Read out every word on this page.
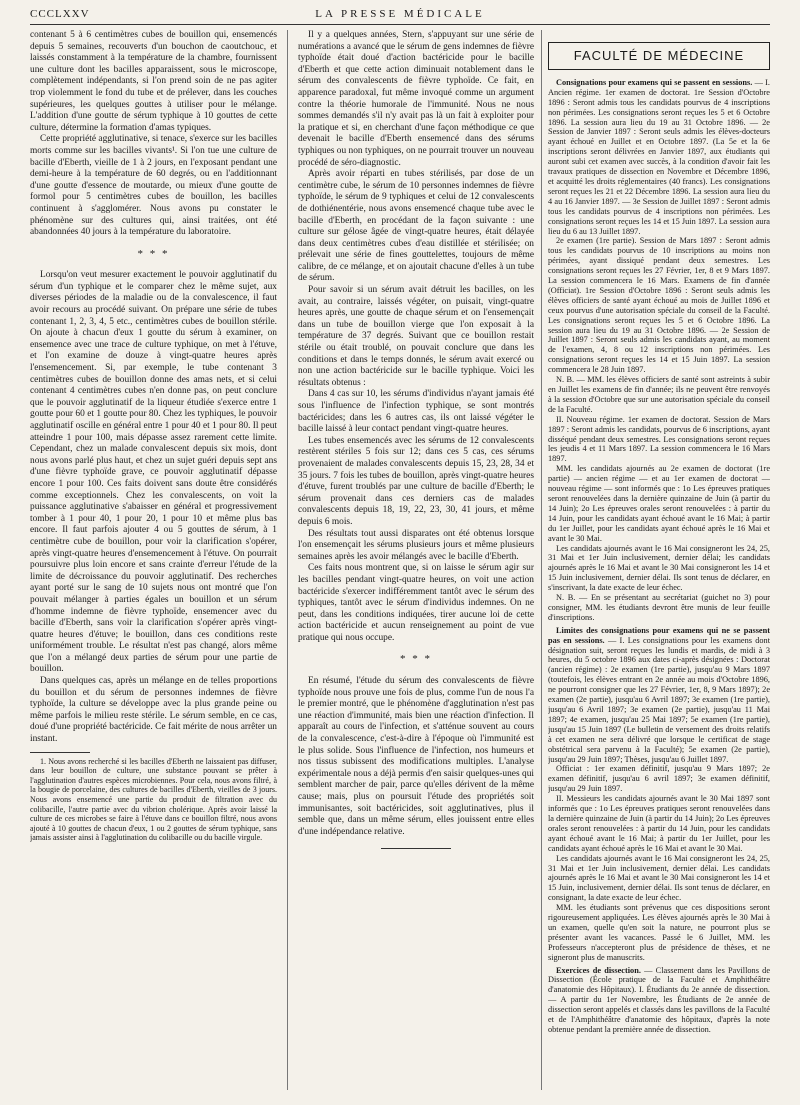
CCCLXXV	LA PRESSE MÉDICALE

contenant 5 à 6 centimètres cubes de bouillon qui, ensemencés depuis 5 semaines, recouverts d'un bouchon de caoutchouc, et laissés constamment à la température de la chambre, fournissent une culture dont les bacilles apparaissent, sous le microscope, complètement indépendants, si l'on prend soin de ne pas agiter trop violemment le fond du tube et de prélever, dans les couches supérieures, les quelques gouttes à utiliser pour le mélange. L'addition d'une goutte de sérum typhique à 10 gouttes de cette culture, détermine la formation d'amas typiques.

Cette propriété agglutinative, si tenace, s'exerce sur les bacilles morts comme sur les bacilles vivants¹. Si l'on tue une culture de bacille d'Eberth, vieille de 1 à 2 jours, en l'exposant pendant une demi-heure à la température de 60 degrés, ou en l'additionnant d'une goutte d'essence de moutarde, ou mieux d'une goutte de formol pour 5 centimètres cubes de bouillon, les bacilles continuent à s'agglomérer. Nous avons pu constater le phénomène sur des cultures qui, ainsi traitées, ont été abandonnées 40 jours à la température du laboratoire.

* * *

Lorsqu'on veut mesurer exactement le pouvoir agglutinatif du sérum d'un typhique et le comparer chez le même sujet, aux diverses périodes de la maladie ou de la convalescence, il faut avoir recours au procédé suivant. On prépare une série de tubes contenant 1, 2, 3, 4, 5 etc., centimètres cubes de bouillon stérile. On ajoute à chacun d'eux 1 goutte du sérum à examiner, on ensemence avec une trace de culture typhique, on met à l'étuve, et l'on examine de douze à vingt-quatre heures après l'ensemencement. Si, par exemple, le tube contenant 3 centimètres cubes de bouillon donne des amas nets, et si celui contenant 4 centimètres cubes n'en donne pas, on peut conclure que le pouvoir agglutinatif de la liqueur étudiée s'exerce entre 1 goutte pour 60 et 1 goutte pour 80. Chez les typhiques, le pouvoir agglutinatif oscille en général entre 1 pour 40 et 1 pour 80. Il peut atteindre 1 pour 100, mais dépasse assez rarement cette limite. Cependant, chez un malade convalescent depuis six mois, dont nous avons parlé plus haut, et chez un sujet guéri depuis sept ans d'une fièvre typhoïde grave, ce pouvoir agglutinatif dépasse encore 1 pour 100. Ces faits doivent sans doute être considérés comme exceptionnels. Chez les convalescents, on voit la puissance agglutinative s'abaisser en général et progressivement tomber à 1 pour 40, 1 pour 20, 1 pour 10 et même plus bas encore. Il faut parfois ajouter 4 ou 5 gouttes de sérum, à 1 centimètre cube de bouillon, pour voir la clarification s'opérer, après vingt-quatre heures d'ensemencement à l'étuve. On pourrait poursuivre plus loin encore et sans crainte d'erreur l'étude de la limite de décroissance du pouvoir agglutinatif. Des recherches ayant porté sur le sang de 10 sujets nous ont montré que l'on pouvait mélanger à parties égales un bouillon et un sérum d'homme indemne de fièvre typhoïde, ensemencer avec du bacille d'Eberth, sans voir la clarification s'opérer après vingt-quatre heures d'étuve; le bouillon, dans ces conditions reste uniformément trouble. Le résultat n'est pas changé, alors même que l'on a mélangé deux parties de sérum pour une partie de bouillon.

Dans quelques cas, après un mélange en de telles proportions du bouillon et du sérum de personnes indemnes de fièvre typhoïde, la culture se développe avec la plus grande peine ou même parfois le milieu reste stérile. Le sérum semble, en ce cas, doué d'une propriété bactéricide. Ce fait mérite de nous arrêter un instant.

1. Nous avons recherché si les bacilles d'Eberth ne laissaient pas diffuser, dans leur bouillon de culture, une substance pouvant se prêter à l'agglutination d'autres espèces microbiennes. Pour cela, nous avons filtré, à la bougie de porcelaine, des cultures de bacilles d'Eberth, vieilles de 3 jours. Nous avons ensemencé une partie du produit de filtration avec du colibacille, l'autre partie avec du vibrion cholérique. Après avoir laissé la culture de ces microbes se faire à l'étuve dans ce bouillon filtré, nous avons ajouté à 10 gouttes de chacun d'eux, 1 ou 2 gouttes de sérum typhique, sans jamais assister ainsi à l'agglutination du colibacille ou du bacille virgule.

Il y a quelques années, Stern, s'appuyant sur une série de numérations a avancé que le sérum de gens indemnes de fièvre typhoïde était doué d'action bactéricide pour le bacille d'Eberth et que cette action diminuait notablement dans le sérum des convalescents de fièvre typhoïde. Ce fait, en apparence paradoxal, fut même invoqué comme un argument contre la théorie humorale de l'immunité. Nous ne nous sommes demandés s'il n'y avait pas là un fait à exploiter pour la pratique et si, en cherchant d'une façon méthodique ce que devenait le bacille d'Eberth ensemencé dans des sérums typhiques ou non typhiques, on ne pourrait trouver un nouveau procédé de séro-diagnostic.

Après avoir réparti en tubes stérilisés, par dose de un centimètre cube, le sérum de 10 personnes indemnes de fièvre typhoïde, le sérum de 9 typhiques et celui de 12 convalescents de dothiénentérie, nous avons ensemencé chaque tube avec le bacille d'Eberth, en procédant de la façon suivante : une culture sur gélose âgée de vingt-quatre heures, était délayée dans deux centimètres cubes d'eau distillée et stérilisée; on prélevait une série de fines gouttelettes, toujours de même calibre, de ce mélange, et on ajoutait chacune d'elles à un tube de sérum.

Pour savoir si un sérum avait détruit les bacilles, on les avait, au contraire, laissés végéter, on puisait, vingt-quatre heures après, une goutte de chaque sérum et on l'ensemençait dans un tube de bouillon vierge que l'on exposait à la température de 37 degrés. Suivant que ce bouillon restait stérile ou était troublé, on pouvait conclure que dans les conditions et dans le temps donnés, le sérum avait exercé ou non une action bactéricide sur le bacille typhique. Voici les résultats obtenus :

Dans 4 cas sur 10, les sérums d'individus n'ayant jamais été sous l'influence de l'infection typhique, se sont montrés bactéricides; dans les 6 autres cas, ils ont laissé végéter le bacille laissé à leur contact pendant vingt-quatre heures.

Les tubes ensemencés avec les sérums de 12 convalescents restèrent stériles 5 fois sur 12; dans ces 5 cas, ces sérums provenaient de malades convalescents depuis 15, 23, 28, 34 et 35 jours. 7 fois les tubes de bouillon, après vingt-quatre heures d'étuve, furent troublés par une culture de bacille d'Eberth; le sérum provenait dans ces derniers cas de malades convalescents depuis 18, 19, 22, 23, 30, 41 jours, et même depuis 6 mois.

Des résultats tout aussi disparates ont été obtenus lorsque l'on ensemençait les sérums plusieurs jours et même plusieurs semaines après les avoir mélangés avec le bacille d'Eberth.

Ces faits nous montrent que, si on laisse le sérum agir sur les bacilles pendant vingt-quatre heures, on voit une action bactéricide s'exercer indifféremment tantôt avec le sérum des typhiques, tantôt avec le sérum d'individus indemnes. On ne peut, dans les conditions indiquées, tirer aucune loi de cette action bactéricide et aucun renseignement au point de vue pratique qui nous occupe.

* * *

En résumé, l'étude du sérum des convalescents de fièvre typhoïde nous prouve une fois de plus, comme l'un de nous l'a le premier montré, que le phénomène d'agglutination n'est pas une réaction d'immunité, mais bien une réaction d'infection. Il apparaît au cours de l'infection, et s'atténue souvent au cours de la convalescence, c'est-à-dire à l'époque où l'immunité est le plus solide. Sous l'influence de l'infection, nos humeurs et nos tissus subissent des modifications multiples. L'analyse expérimentale nous a déjà permis d'en saisir quelques-unes qui semblent marcher de pair, parce qu'elles dérivent de la même cause; mais, plus on poursuit l'étude des propriétés soit immunisantes, soit bactéricides, soit agglutinatives, plus il semble que, dans un même sérum, elles jouissent entre elles d'une indépendance relative.

FACULTÉ DE MÉDECINE

Consignations pour examens qui se passent en sessions. — I. Ancien régime. 1er examen de doctorat. 1re Session d'Octobre 1896 : Seront admis tous les candidats pourvus de 4 inscriptions non périmées. Les consignations seront reçues les 5 et 6 Octobre 1896. La session aura lieu du 19 au 31 Octobre 1896. — 2e Session de Janvier 1897 : Seront seuls admis les élèves-docteurs ayant échoué en Juillet et en Octobre 1897. (La 5e et la 6e inscriptions seront délivrées en Janvier 1897, aux étudiants qui auront subi cet examen avec succès, à la condition d'avoir fait les travaux pratiques de dissection en Novembre et Décembre 1896, et acquitté les droits réglementaires (40 francs). Les consignations seront reçues les 21 et 22 Décembre 1896. La session aura lieu du 4 au 16 Janvier 1897. — 3e Session de Juillet 1897 : Seront admis tous les candidats pourvus de 4 inscriptions non périmées. Les consignations seront reçues les 14 et 15 Juin 1897. La session aura lieu du 6 au 13 Juillet 1897.

2e examen (1re partie). Session de Mars 1897 : Seront admis tous les candidats pourvus de 10 inscriptions au moins non périmées, ayant dissiqué pendant deux semestres. Les consignations seront reçues les 27 Février, 1er, 8 et 9 Mars 1897. La session commencera le 16 Mars. Examens de fin d'année (Officiat). 1re Session d'Octobre 1896 : Seront seuls admis les élèves officiers de santé ayant échoué au mois de Juillet 1896 et ceux pourvus d'une autorisation spéciale du conseil de la Faculté. Les consignations seront reçues les 5 et 6 Octobre 1896. La session aura lieu du 19 au 31 Octobre 1896. — 2e Session de Juillet 1897 : Seront seuls admis les candidats ayant, au moment de l'examen, 4, 8 ou 12 inscriptions non périmées. Les consignations seront reçues les 14 et 15 Juin 1897. La session commencera le 28 Juin 1897.

N. B. — MM. les élèves officiers de santé sont astreints à subir en Juillet les examens de fin d'année; ils ne peuvent être renvoyés à la session d'Octobre que sur une autorisation spéciale du conseil de la Faculté.

II. Nouveau régime. 1er examen de doctorat. Session de Mars 1897 : Seront admis les candidats, pourvus de 6 inscriptions, ayant disséqué pendant deux semestres. Les consignations seront reçues les jeudis 4 et 11 Mars 1897. La session commencera le 16 Mars 1897.

MM. les candidats ajournés au 2e examen de doctorat (1re partie) — ancien régime — et au 1er examen de doctorat — nouveau régime — sont informés que : 1o Les épreuves pratiques seront renouvelées dans la dernière quinzaine de Juin (à partir du 14 Juin); 2o Les épreuves orales seront renouvelées : à partir du 14 Juin, pour les candidats ayant échoué avant le 16 Mai; à partir du 1er Juillet, pour les candidats ayant échoué après le 16 Mai et avant le 30 Mai.

Les candidats ajournés avant le 16 Mai consigneront les 24, 25, 31 Mai et 1er Juin inclusivement, dernier délai; les candidats ajournés après le 16 Mai et avant le 30 Mai consigneront les 14 et 15 Juin inclusivement, dernier délai. Ils sont tenus de déclarer, en s'inscrivant, la date exacte de leur échec.

N. B. — En se présentant au secrétariat (guichet no 3) pour consigner, MM. les étudiants devront être munis de leur feuille d'inscriptions.

Limites des consignations pour examens qui ne se passent pas en sessions. — I. Les consignations pour les examens dont désignation suit, seront reçues les lundis et mardis, de midi à 3 heures, du 5 octobre 1896 aux dates ci-après désignées : Doctorat (ancien régime) : 2e examen (1re partie), jusqu'au 9 Mars 1897 (toutefois, les élèves entrant en 2e année au mois d'Octobre 1896, ne pourront consigner que les 27 Février, 1er, 8, 9 Mars 1897); 2e examen (2e partie), jusqu'au 6 Avril 1897; 3e examen (1re partie), jusqu'au 6 Avril 1897; 3e examen (2e partie), jusqu'au 11 Mai 1897; 4e examen, jusqu'au 25 Mai 1897; 5e examen (1re partie), jusqu'au 15 Juin 1897 (Le bulletin de versement des droits relatifs à cet examen ne sera délivré que lorsque le certificat de stage obstétrical sera parvenu à la Faculté); 5e examen (2e partie), jusqu'au 29 Juin 1897; Thèses, jusqu'au 6 Juillet 1897.

Officiat : 1er examen définitif, jusqu'au 9 Mars 1897; 2e examen définitif, jusqu'au 6 avril 1897; 3e examen définitif, jusqu'au 29 Juin 1897.

II. Messieurs les candidats ajournés avant le 30 Mai 1897 sont informés que : 1o Les épreuves pratiques seront renouvelées dans la dernière quinzaine de Juin (à partir du 14 Juin); 2o Les épreuves orales seront renouvelées : à partir du 14 Juin, pour les candidats ayant échoué avant le 16 Mai; à partir du 1er Juillet, pour les candidats ayant échoué après le 16 Mai et avant le 30 Mai.

Les candidats ajournés avant le 16 Mai consigneront les 24, 25, 31 Mai et 1er Juin inclusivement, dernier délai. Les candidats ajournés après le 16 Mai et avant le 30 Mai consigneront les 14 et 15 Juin, inclusivement, dernier délai. Ils sont tenus de déclarer, en consignant, la date exacte de leur échec.

MM. les étudiants sont prévenus que ces dispositions seront rigoureusement appliquées. Les élèves ajournés après le 30 Mai à un examen, quelle qu'en soit la nature, ne pourront plus se présenter avant les vacances. Passé le 6 Juillet, MM. les Professeurs n'accepteront plus de présidence de thèses, et ne signeront plus de manuscrits.

Exercices de dissection. — Classement dans les Pavillons de Dissection (École pratique de la Faculté et Amphithéâtre d'anatomie des Hôpitaux). I. Étudiants du 2e année de dissection. — A partir du 1er Novembre, les Étudiants de 2e année de dissection seront appelés et classés dans les pavillons de la Faculté et de l'Amphithéâtre d'anatomie des hôpitaux, d'après la note obtenue pendant la première année de dissection.
